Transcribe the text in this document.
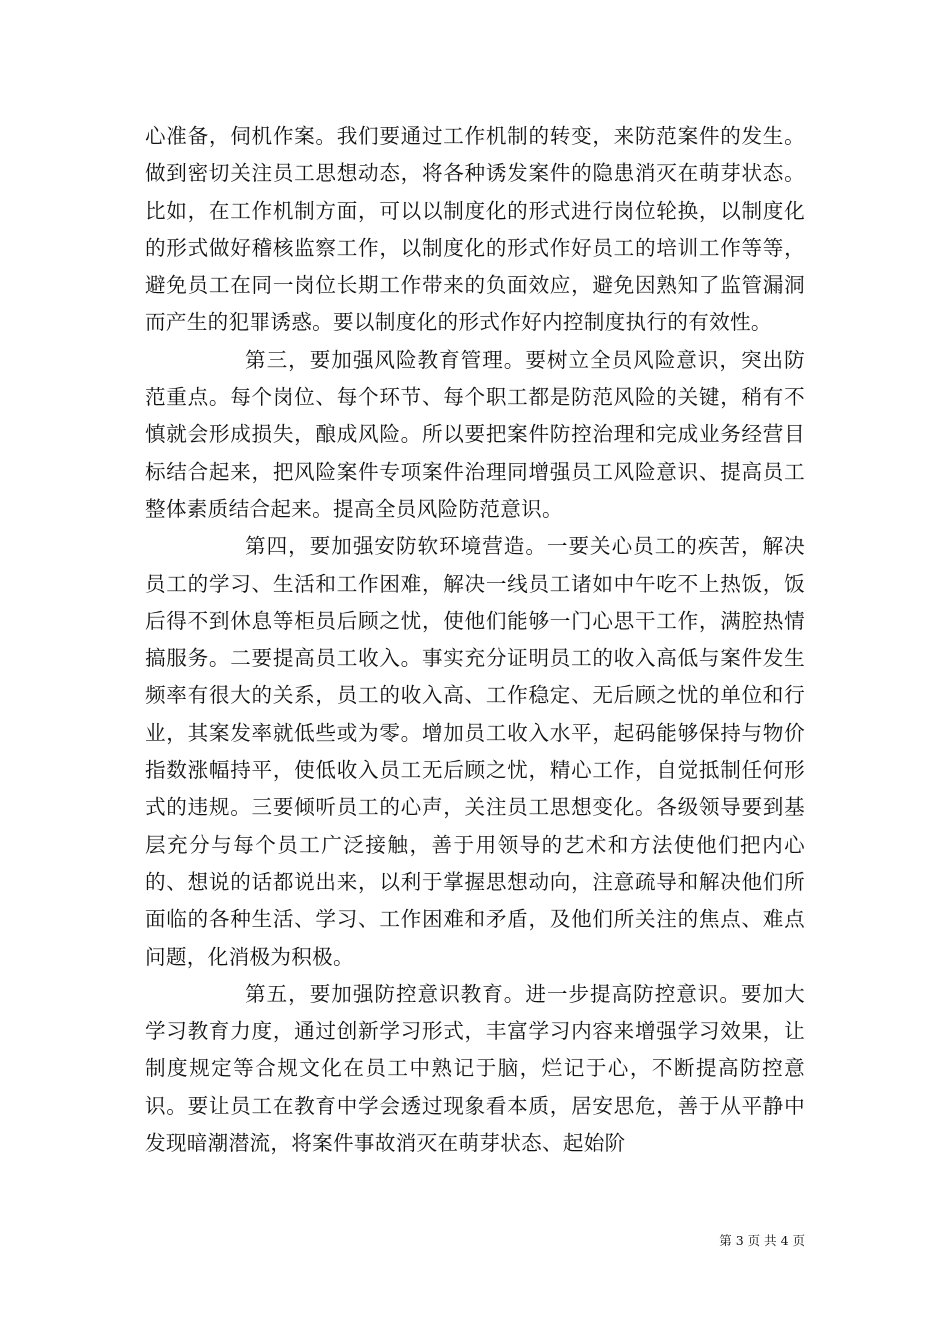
心准备，伺机作案。我们要通过工作机制的转变，来防范案件的发生。做到密切关注员工思想动态，将各种诱发案件的隐患消灭在萌芽状态。比如，在工作机制方面，可以以制度化的形式进行岗位轮换，以制度化的形式做好稽核监察工作，以制度化的形式作好员工的培训工作等等，避免员工在同一岗位长期工作带来的负面效应，避免因熟知了监管漏洞而产生的犯罪诱惑。要以制度化的形式作好内控制度执行的有效性。

第三，要加强风险教育管理。要树立全员风险意识，突出防范重点。每个岗位、每个环节、每个职工都是防范风险的关键，稍有不慎就会形成损失，酿成风险。所以要把案件防控治理和完成业务经营目标结合起来，把风险案件专项案件治理同增强员工风险意识、提高员工整体素质结合起来。提高全员风险防范意识。

第四，要加强安防软环境营造。一要关心员工的疾苦，解决员工的学习、生活和工作困难，解决一线员工诸如中午吃不上热饭，饭后得不到休息等柜员后顾之忧，使他们能够一门心思干工作，满腔热情搞服务。二要提高员工收入。事实充分证明员工的收入高低与案件发生频率有很大的关系，员工的收入高、工作稳定、无后顾之忧的单位和行业，其案发率就低些或为零。增加员工收入水平，起码能够保持与物价指数涨幅持平，使低收入员工无后顾之忧，精心工作，自觉抵制任何形式的违规。三要倾听员工的心声，关注员工思想变化。各级领导要到基层充分与每个员工广泛接触，善于用领导的艺术和方法使他们把内心的、想说的话都说出来，以利于掌握思想动向，注意疏导和解决他们所面临的各种生活、学习、工作困难和矛盾，及他们所关注的焦点、难点问题，化消极为积极。

第五，要加强防控意识教育。进一步提高防控意识。要加大学习教育力度，通过创新学习形式，丰富学习内容来增强学习效果，让制度规定等合规文化在员工中熟记于脑，烂记于心，不断提高防控意识。要让员工在教育中学会透过现象看本质，居安思危，善于从平静中发现暗潮潜流，将案件事故消灭在萌芽状态、起始阶

第 3 页 共 4 页
